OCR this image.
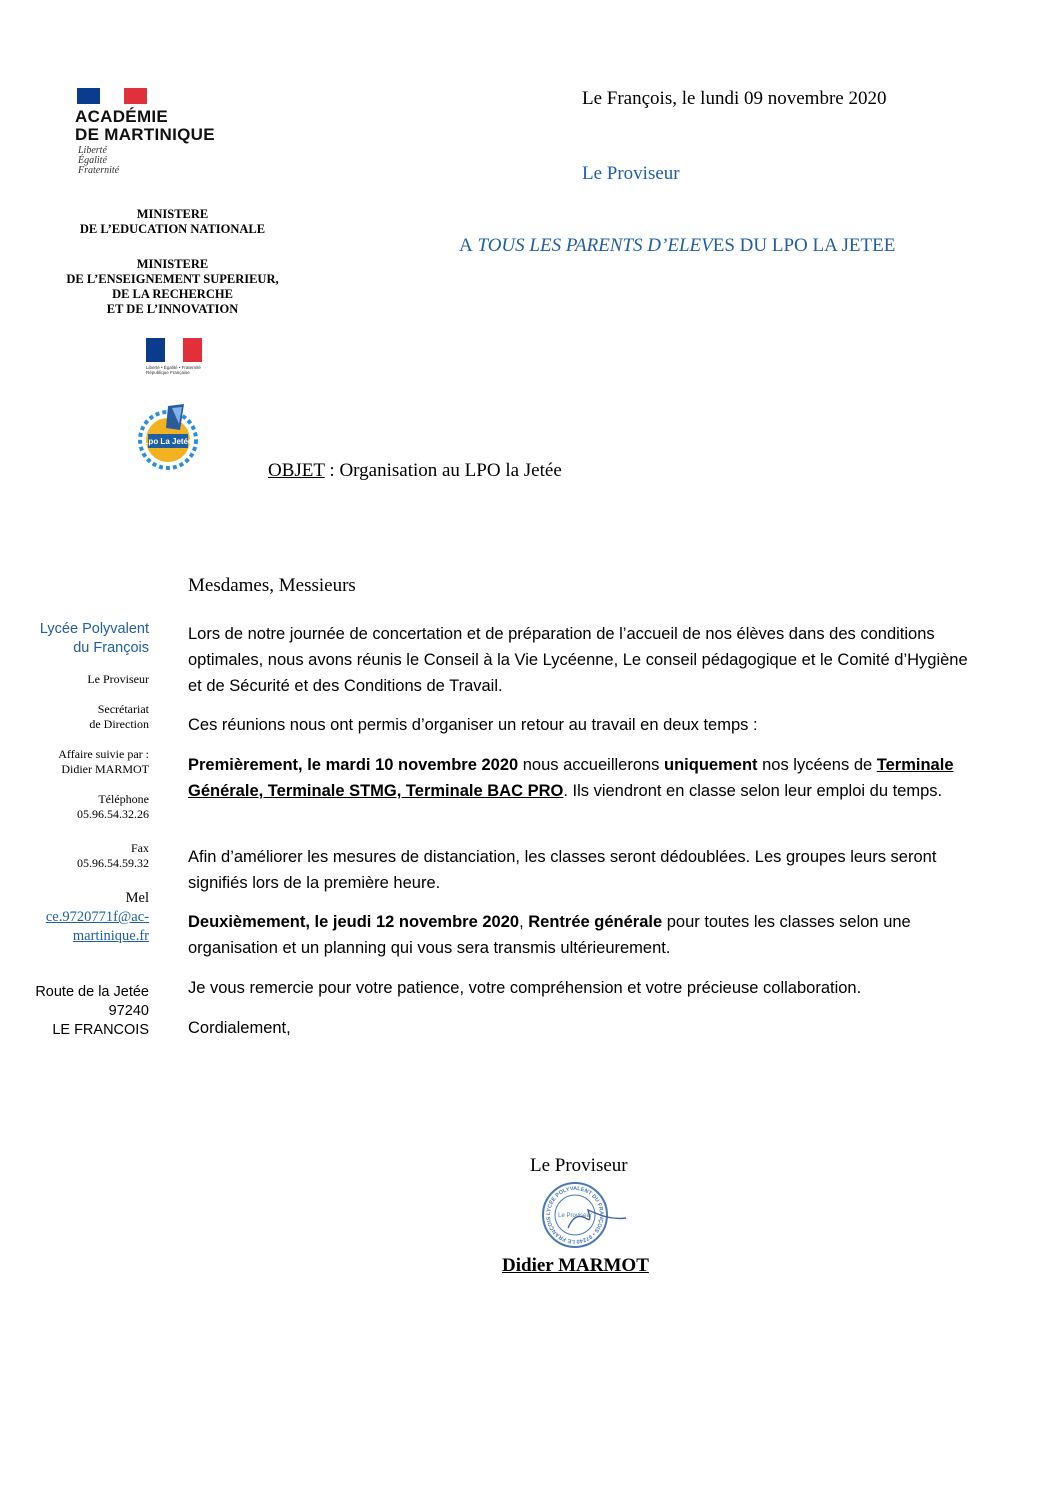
ACADÉMIE
DE MARTINIQUE
Liberté
Égalité
Fraternité
MINISTERE
DE L’EDUCATION NATIONALE
MINISTERE
DE L’ENSEIGNEMENT SUPERIEUR,
DE LA RECHERCHE
ET DE L’INNOVATION
Liberté • Égalité • Fraternité
République Française
Lpo La Jetée
Le François, le lundi 09 novembre 2020
Le Proviseur
A TOUS LES PARENTS D’ELEVES DU LPO LA JETEE
OBJET : Organisation au LPO la Jetée
Lycée Polyvalent
du François
Le Proviseur
Secrétariat
de Direction
Affaire suivie par :
Didier MARMOT
Téléphone
05.96.54.32.26
Fax
05.96.54.59.32
Mel
ce.9720771f@ac-
martinique.fr
Route de la Jetée
97240
LE FRANCOIS
Mesdames, Messieurs
Lors de notre journée de concertation et de préparation de l’accueil de nos élèves dans des conditions optimales, nous avons réunis le Conseil à la Vie Lycéenne, Le conseil pédagogique et le Comité d’Hygiène et de Sécurité et des Conditions de Travail.
Ces réunions nous ont permis d’organiser un retour au travail en deux temps :
Premièrement, le mardi 10 novembre 2020 nous accueillerons uniquement nos lycéens de Terminale Générale, Terminale STMG, Terminale BAC PRO. Ils viendront en classe selon leur emploi du temps.
Afin d’améliorer les mesures de distanciation, les classes seront dédoublées. Les groupes leurs seront signifiés lors de la première heure.
Deuxièmement, le jeudi 12 novembre 2020, Rentrée générale pour toutes les classes selon une organisation et un planning qui vous sera transmis ultérieurement.
Je vous remercie pour votre patience, votre compréhension et votre précieuse collaboration.
Cordialement,
Le Proviseur
LYCÉE POLYVALENT DU FRANÇOIS • 97240 LE FRANÇOIS Le Proviseur
Didier MARMOT
